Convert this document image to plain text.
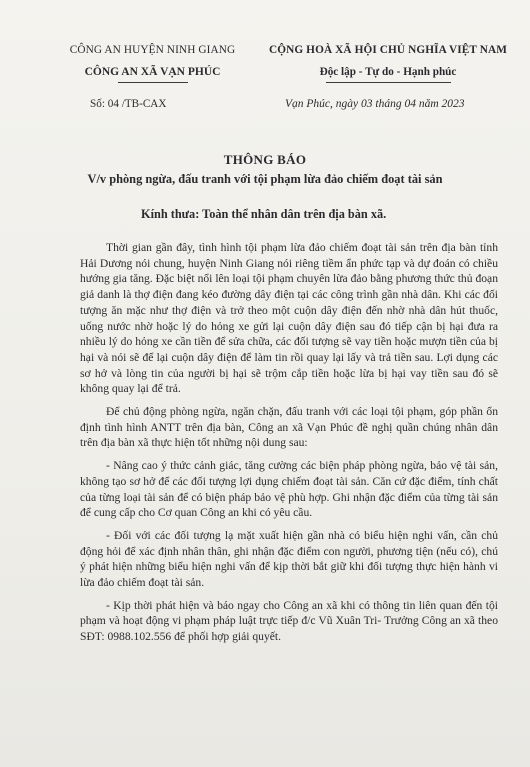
CÔNG AN HUYỆN NINH GIANG
CÔNG AN XÃ VẠN PHÚC
CỘNG HOÀ XÃ HỘI CHỦ NGHĨA VIỆT NAM
Độc lập - Tự do - Hạnh phúc
Số: 04 /TB-CAX	Vạn Phúc, ngày 03 tháng 04 năm 2023
THÔNG BÁO
V/v phòng ngừa, đấu tranh với tội phạm lừa đảo chiếm đoạt tài sản
Kính thưa: Toàn thể nhân dân trên địa bàn xã.

Thời gian gần đây, tình hình tội phạm lừa đảo chiếm đoạt tài sản trên địa bàn tỉnh Hải Dương nói chung, huyện Ninh Giang nói riêng tiềm ẩn phức tạp và dự đoán có chiều hướng gia tăng. Đặc biệt nổi lên loại tội phạm chuyên lừa đảo bằng phương thức thủ đoạn giả danh là thợ điện đang kéo đường dây điện tại các công trình gần nhà dân. Khi các đối tượng ăn mặc như thợ điện và trở theo một cuộn dây điện đến nhờ nhà dân hút thuốc, uống nước nhờ hoặc lý do hỏng xe gửi lại cuộn dây điện sau đó tiếp cận bị hại đưa ra nhiều lý do hỏng xe cần tiền để sửa chữa, các đối tượng sẽ vay tiền hoặc mượn tiền của bị hại và nói sẽ để lại cuộn dây điện để làm tin rồi quay lại lấy và trả tiền sau. Lợi dụng các sơ hở và lòng tin của người bị hại sẽ trộm cắp tiền hoặc lừa bị hại vay tiền sau đó sẽ không quay lại để trả.

Để chủ động phòng ngừa, ngăn chặn, đấu tranh với các loại tội phạm, góp phần ổn định tình hình ANTT trên địa bàn, Công an xã Vạn Phúc đề nghị quần chúng nhân dân trên địa bàn xã thực hiện tốt những nội dung sau:

- Nâng cao ý thức cảnh giác, tăng cường các biện pháp phòng ngừa, bảo vệ tài sản, không tạo sơ hở để các đối tượng lợi dụng chiếm đoạt tài sản. Căn cứ đặc điểm, tính chất của từng loại tài sản để có biện pháp bảo vệ phù hợp. Ghi nhận đặc điểm của từng tài sản để cung cấp cho Cơ quan Công an khi có yêu cầu.

- Đối với các đối tượng lạ mặt xuất hiện gần nhà có biểu hiện nghi vấn, cần chủ động hỏi để xác định nhân thân, ghi nhận đặc điểm con người, phương tiện (nếu có), chú ý phát hiện những biểu hiện nghi vấn để kịp thời bắt giữ khi đối tượng thực hiện hành vi lừa đảo chiếm đoạt tài sản.

- Kịp thời phát hiện và báo ngay cho Công an xã khi có thông tin liên quan đến tội phạm và hoạt động vi phạm pháp luật trực tiếp đ/c Vũ Xuân Tri- Trưởng Công an xã theo SĐT: 0988.102.556 để phối hợp giải quyết.
